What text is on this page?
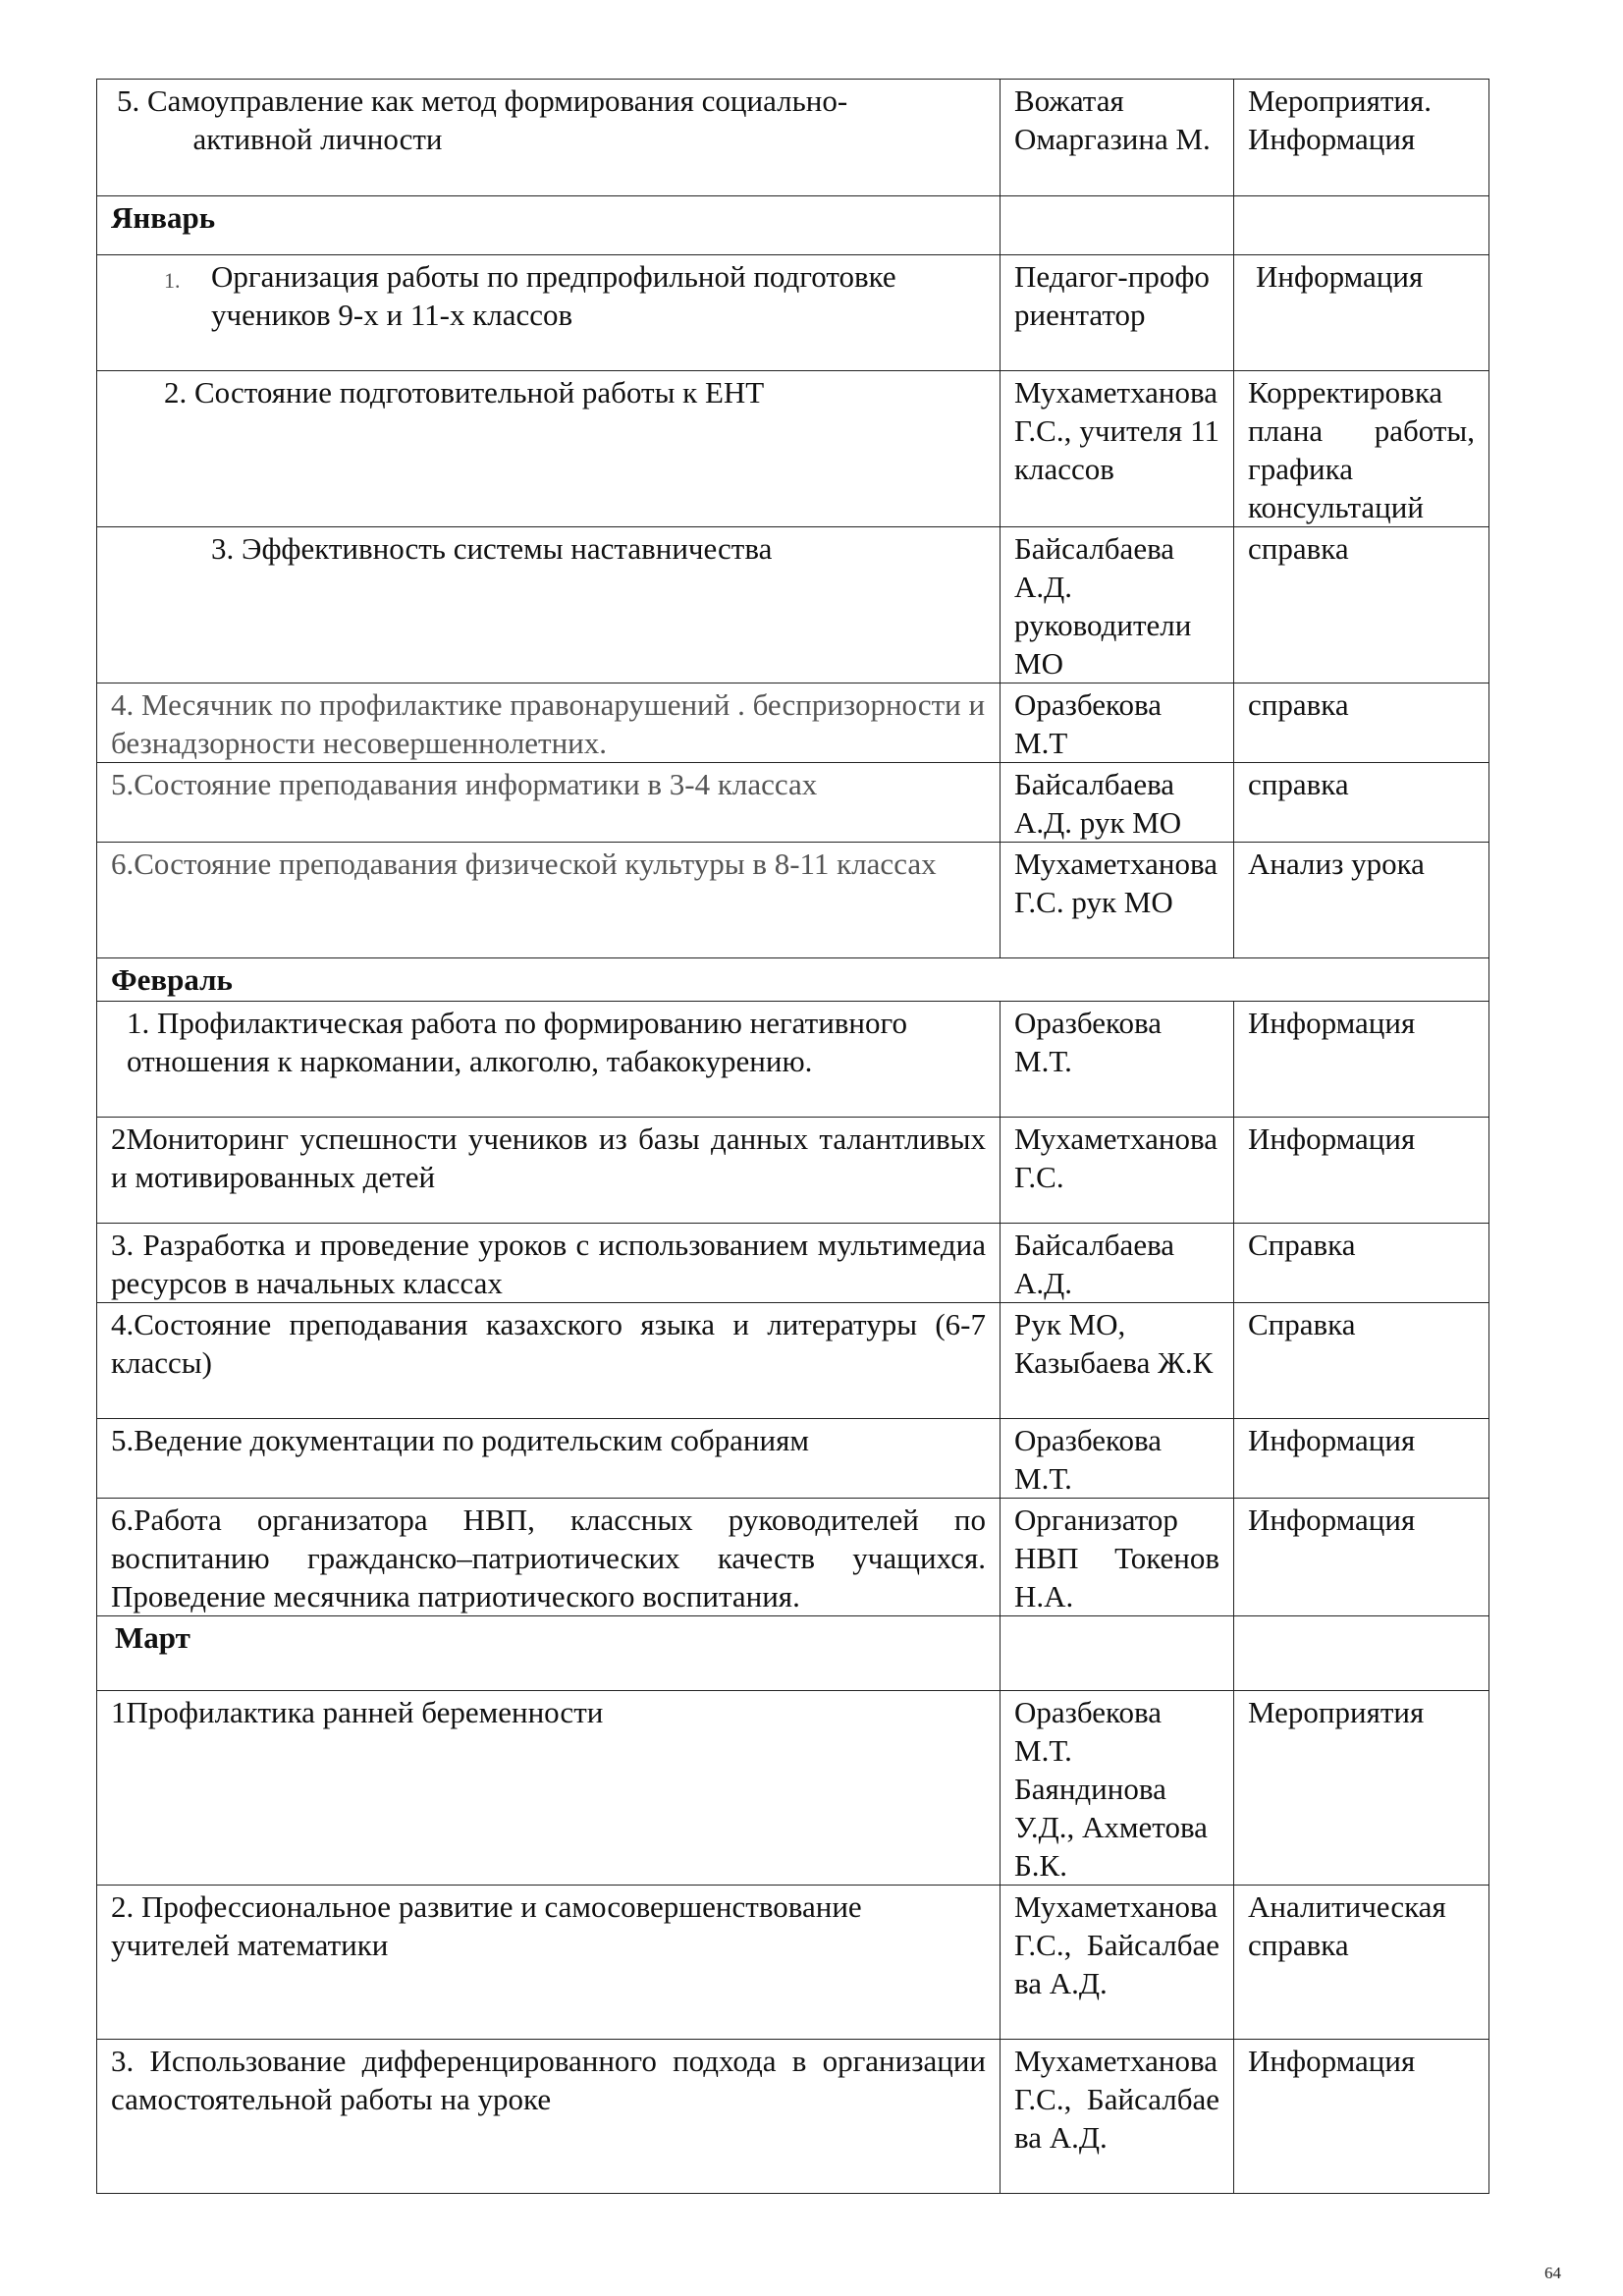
5. Самоуправление как метод формирования социально-          активной личности	Вожатая Омаргазина М.	Мероприятия. Информация
Январь		

1. Организация работы по предпрофильной подготовке учеников 9-х и 11-х классов	Педагог-профориентатор	Информация
2. Состояние подготовительной работы к ЕНТ	Мухаметханова Г.С., учителя 11 классов	Корректировка плана работы, графика консультаций
3. Эффективность системы наставничества	Байсалбаева А.Д. руководители МО	справка
4. Месячник по профилактике правонарушений . беспризорности и безнадзорности несовершеннолетних.	Оразбекова М.Т	справка
5.Состояние преподавания информатики в 3-4 классах	Байсалбаева А.Д. рук МО	справка
6.Состояние преподавания физической культуры в 8-11 классах	Мухаметханова Г.С. рук МО	Анализ урока
Февраль		
1. Профилактическая работа по формированию негативного отношения к наркомании, алкоголю, табакокурению.	Оразбекова М.Т.	Информация
2Мониторинг успешности учеников из базы данных талантливых и мотивированных детей	Мухаметханова Г.С.	Информация
3. Разработка и проведение уроков с использованием мультимедиа ресурсов в начальных классах	Байсалбаева А.Д.	Справка
4.Состояние преподавания казахского языка и литературы (6-7 классы)	Рук МО, Казыбаева Ж.К	Справка
5.Ведение документации по родительским собраниям	Оразбекова М.Т.	Информация
6.Работа организатора НВП, классных руководителей по воспитанию гражданско–патриотических качеств учащихся. Проведение месячника патриотического воспитания.	Организатор НВП Токенов Н.А.	Информация
Март		
1Профилактика ранней беременности	Оразбекова М.Т. Баяндинова У.Д., Ахметова Б.К.	Мероприятия
2. Профессиональное развитие и самосовершенствование учителей математики	Мухаметханова Г.С., Байсалбаева А.Д.	Аналитическая справка
3. Использование дифференцированного подхода в организации самостоятельной работы на уроке	Мухаметханова Г.С., Байсалбаева А.Д.	Информация
64
